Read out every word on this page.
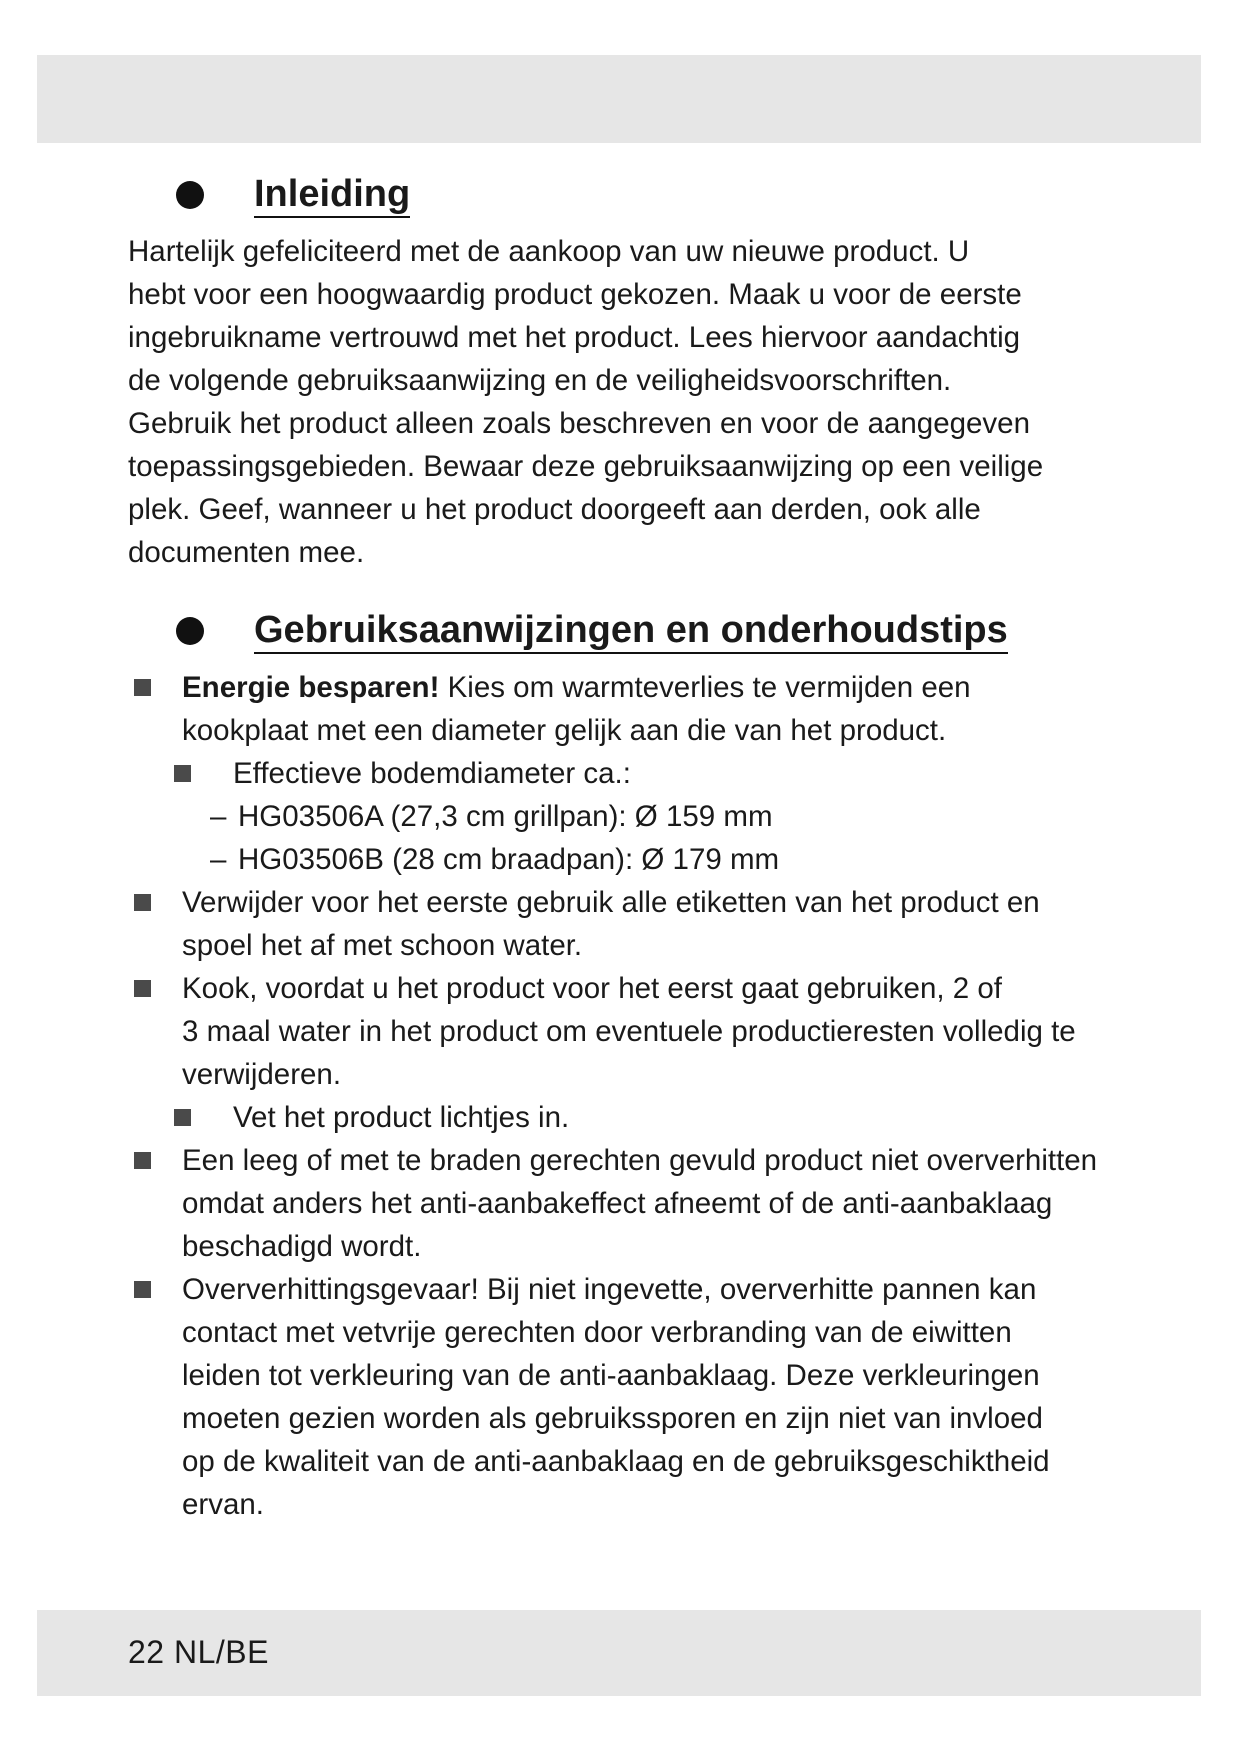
Inleiding

Hartelijk gefeliciteerd met de aankoop van uw nieuwe product. U
hebt voor een hoogwaardig product gekozen. Maak u voor de eerste
ingebruikname vertrouwd met het product. Lees hiervoor aandachtig
de volgende gebruiksaanwijzing en de veiligheidsvoorschriften.
Gebruik het product alleen zoals beschreven en voor de aangegeven
toepassingsgebieden. Bewaar deze gebruiksaanwijzing op een veilige
plek. Geef, wanneer u het product doorgeeft aan derden, ook alle
documenten mee.

Gebruiksaanwijzingen en onderhoudstips
Energie besparen! Kies om warmteverlies te vermijden een
kookplaat met een diameter gelijk aan die van het product.
Effectieve bodemdiameter ca.:
– HG03506A (27,3 cm grillpan): Ø 159 mm
– HG03506B (28 cm braadpan): Ø 179 mm
Verwijder voor het eerste gebruik alle etiketten van het product en
spoel het af met schoon water.
Kook, voordat u het product voor het eerst gaat gebruiken, 2 of
3 maal water in het product om eventuele productieresten volledig te
verwijderen.
Vet het product lichtjes in.
Een leeg of met te braden gerechten gevuld product niet oververhitten
omdat anders het anti-aanbakeffect afneemt of de anti-aanbaklaag
beschadigd wordt.
Oververhittingsgevaar! Bij niet ingevette, oververhitte pannen kan
contact met vetvrije gerechten door verbranding van de eiwitten
leiden tot verkleuring van de anti-aanbaklaag. Deze verkleuringen
moeten gezien worden als gebruikssporen en zijn niet van invloed
op de kwaliteit van de anti-aanbaklaag en de gebruiksgeschiktheid
ervan.
22 NL/BE
